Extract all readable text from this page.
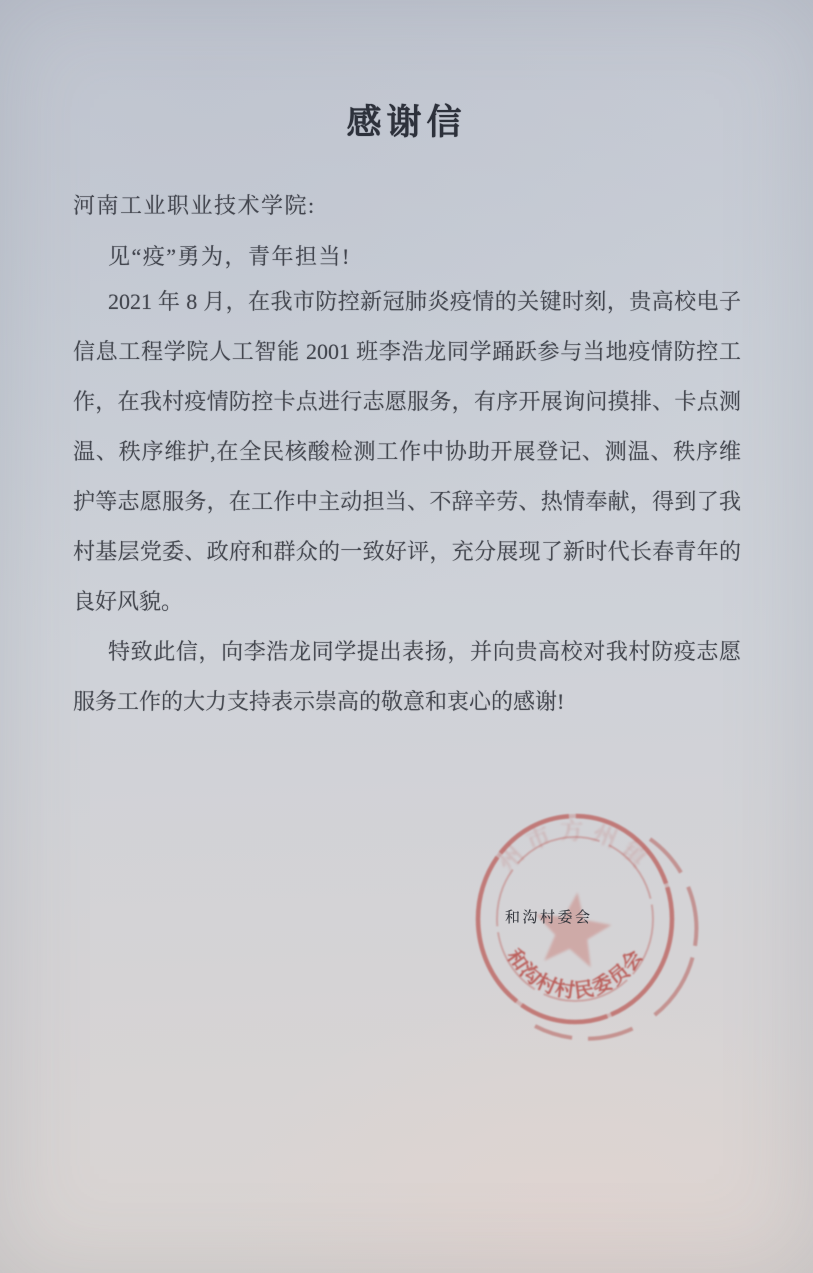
感谢信
河南工业职业技术学院:
见“疫”勇为，青年担当!
2021 年 8 月，在我市防控新冠肺炎疫情的关键时刻，贵高校电子
信息工程学院人工智能 2001 班李浩龙同学踊跃参与当地疫情防控工
作，在我村疫情防控卡点进行志愿服务，有序开展询问摸排、卡点测
温、秩序维护,在全民核酸检测工作中协助开展登记、测温、秩序维
护等志愿服务，在工作中主动担当、不辞辛劳、热情奉献，得到了我
村基层党委、政府和群众的一致好评，充分展现了新时代长春青年的
良好风貌。
特致此信，向李浩龙同学提出表扬，并向贵高校对我村防疫志愿
服务工作的大力支持表示崇高的敬意和衷心的感谢!
和沟村委会
州市方州镇
和沟村村民委员会
